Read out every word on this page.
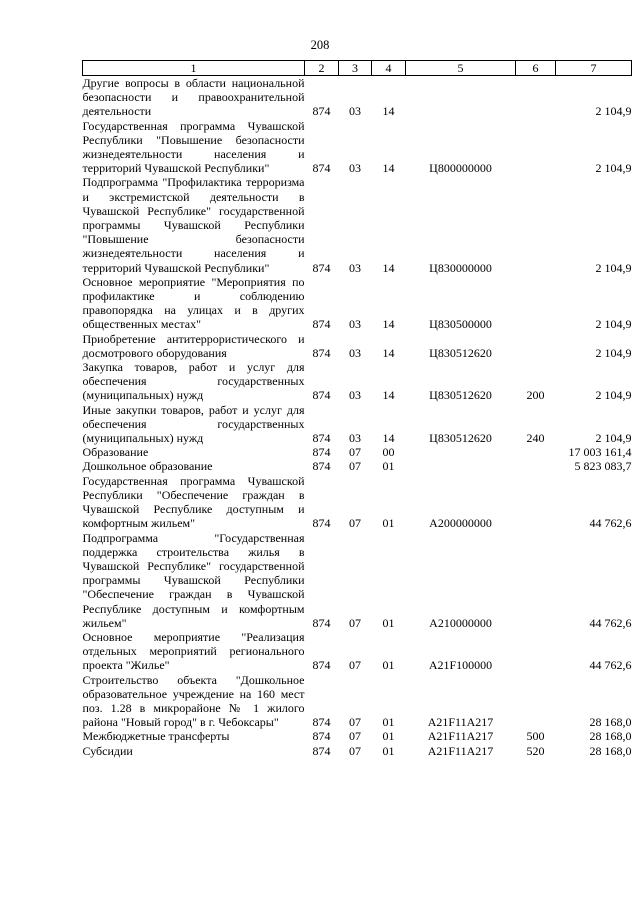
208
1	2	3	4	5	6	7
Другие вопросы в области национальной безопасности и правоохранительной деятельности	874	03	14			2 104,9
Государственная программа Чувашской Республики "Повышение безопасности жизнедеятельности населения и территорий Чувашской Республики"	874	03	14	Ц800000000		2 104,9
Подпрограмма "Профилактика терроризма и экстремистской деятельности в Чувашской Республике" государственной программы Чувашской Республики "Повышение безопасности жизнедеятельности населения и территорий Чувашской Республики"	874	03	14	Ц830000000		2 104,9
Основное мероприятие "Мероприятия по профилактике и соблюдению правопорядка на улицах и в других общественных местах"	874	03	14	Ц830500000		2 104,9
Приобретение антитеррористического и досмотрового оборудования	874	03	14	Ц830512620		2 104,9
Закупка товаров, работ и услуг для обеспечения государственных (муниципальных) нужд	874	03	14	Ц830512620	200	2 104,9
Иные закупки товаров, работ и услуг для обеспечения государственных (муниципальных) нужд	874	03	14	Ц830512620	240	2 104,9
Образование	874	07	00			17 003 161,4
Дошкольное образование	874	07	01			5 823 083,7
Государственная программа Чувашской Республики "Обеспечение граждан в Чувашской Республике доступным и комфортным жильем"	874	07	01	А200000000		44 762,6
Подпрограмма "Государственная поддержка строительства жилья в Чувашской Республике" государственной программы Чувашской Республики "Обеспечение граждан в Чувашской Республике доступным и комфортным жильем"	874	07	01	А210000000		44 762,6
Основное мероприятие "Реализация отдельных мероприятий регионального проекта "Жилье"	874	07	01	А21F100000		44 762,6
Строительство объекта "Дошкольное образовательное учреждение на 160 мест поз. 1.28 в микрорайоне № 1 жилого района "Новый город" в г. Чебоксары"	874	07	01	А21F11А217		28 168,0
Межбюджетные трансферты	874	07	01	А21F11А217	500	28 168,0
Субсидии	874	07	01	А21F11А217	520	28 168,0
